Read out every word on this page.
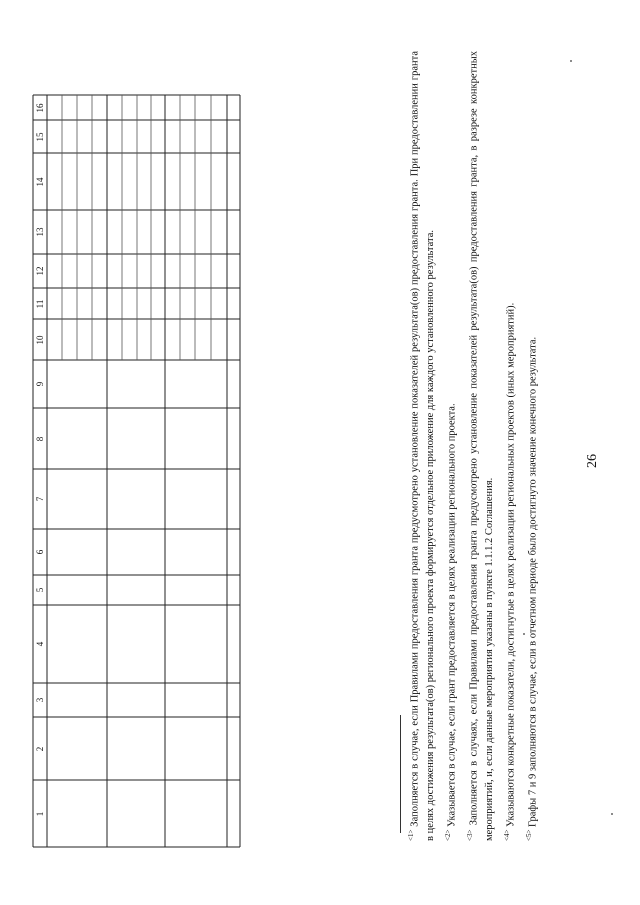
26
1
2
3
4
5
6
7
8
9
10
11
12
13
14
15
16

$^{<1>}$ Заполняется в случае, если Правилами предоставления гранта предусмотрено установление показателей результата(ов) предоставления гранта. При предоставлении гранта в целях достижения результата(ов) регионального проекта формируется отдельное приложение для каждого установленного результата.	$^{<2>}$ Указывается в случае, если грант предоставляется в целях реализации регионального проекта.

$^{<3>}$ Заполняется в случаях, если Правилами предоставления гранта предусмотрено установление показателей результата(ов) предоставления гранта, в разрезе конкретных мероприятий, и, если данные мероприятия указаны в пункте 1.1.1.2 Соглашения.	$^{<4>}$ Указываются конкретные показатели, достигнутые в целях реализации региональных проектов (иных мероприятий).

$^{<5>}$ Графы 7 и 9 заполняются в случае, если в отчетном периоде было достигнуто значение конечного результата.
